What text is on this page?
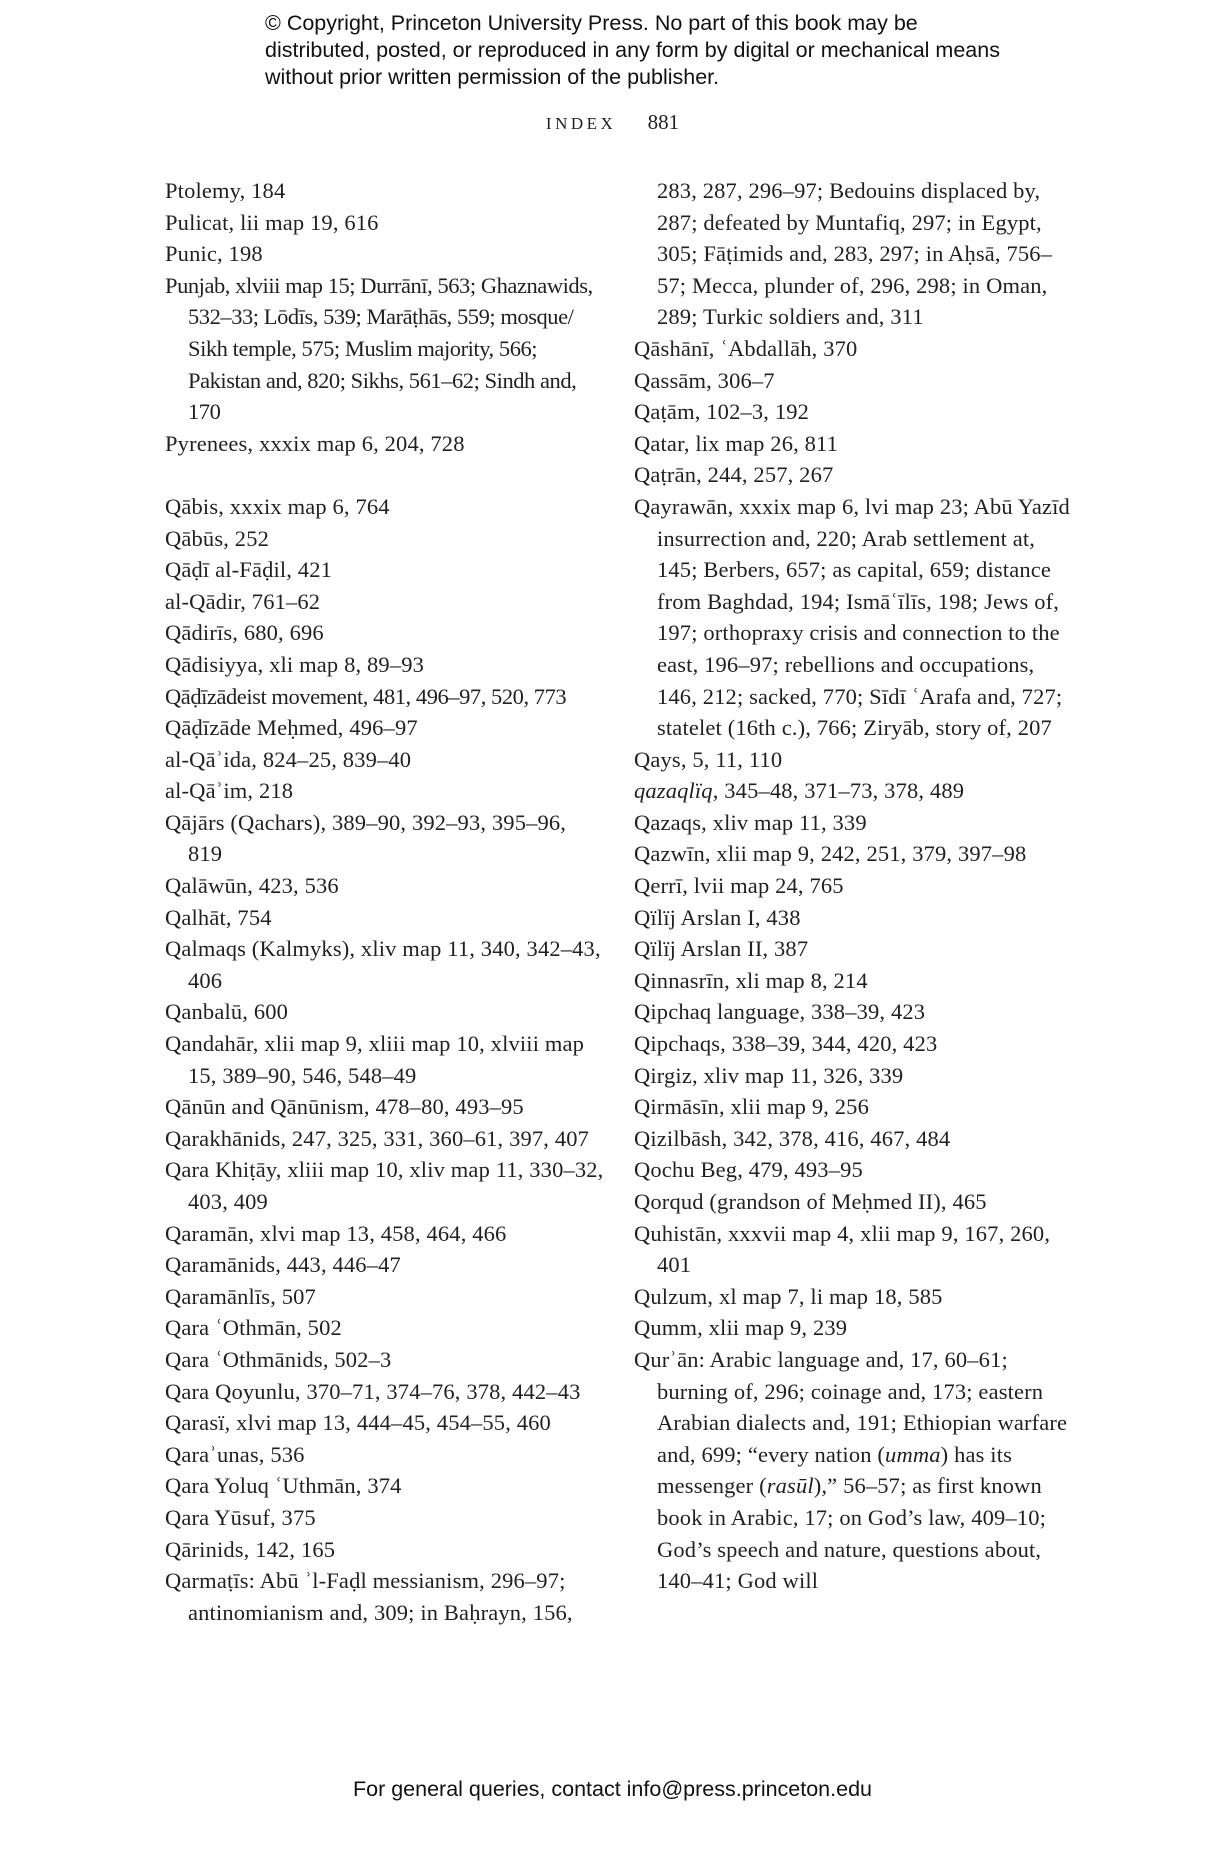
© Copyright, Princeton University Press. No part of this book may be distributed, posted, or reproduced in any form by digital or mechanical means without prior written permission of the publisher.
INDEX 881

Ptolemy, 184

Pulicat, lii map 19, 616

Punic, 198

Punjab, xlviii map 15; Durrānī, 563; Ghaznawids, 532–33; Lōdīs, 539; Marāṭhās, 559; mosque/ Sikh temple, 575; Muslim majority, 566; Pakistan and, 820; Sikhs, 561–62; Sindh and, 170

Pyrenees, xxxix map 6, 204, 728

Qābis, xxxix map 6, 764

Qābūs, 252

Qāḍī al-Fāḍil, 421

al-Qādir, 761–62

Qādirīs, 680, 696

Qādisiyya, xli map 8, 89–93

Qāḍīzādeist movement, 481, 496–97, 520, 773

Qāḍīzāde Meḥmed, 496–97

al-Qāʾida, 824–25, 839–40

al-Qāʾim, 218

Qājārs (Qachars), 389–90, 392–93, 395–96, 819

Qalāwūn, 423, 536

Qalhāt, 754

Qalmaqs (Kalmyks), xliv map 11, 340, 342–43, 406

Qanbalū, 600

Qandahār, xlii map 9, xliii map 10, xlviii map 15, 389–90, 546, 548–49

Qānūn and Qānūnism, 478–80, 493–95

Qarakhānids, 247, 325, 331, 360–61, 397, 407

Qara Khiṭāy, xliii map 10, xliv map 11, 330–32, 403, 409

Qaramān, xlvi map 13, 458, 464, 466

Qaramānids, 443, 446–47

Qaramānlīs, 507

Qara ʿOthmān, 502

Qara ʿOthmānids, 502–3

Qara Qoyunlu, 370–71, 374–76, 378, 442–43

Qarasï, xlvi map 13, 444–45, 454–55, 460

Qaraʾunas, 536

Qara Yoluq ʿUthmān, 374

Qara Yūsuf, 375

Qārinids, 142, 165

Qarmaṭīs: Abū ʾl-Faḍl messianism, 296–97; antinomianism and, 309; in Baḥrayn, 156,

283, 287, 296–97; Bedouins displaced by, 287; defeated by Muntafiq, 297; in Egypt, 305; Fāṭimids and, 283, 297; in Aḥsā, 756–57; Mecca, plunder of, 296, 298; in Oman, 289; Turkic soldiers and, 311

Qāshānī, ʿAbdallāh, 370

Qassām, 306–7

Qaṭām, 102–3, 192

Qatar, lix map 26, 811

Qaṭrān, 244, 257, 267

Qayrawān, xxxix map 6, lvi map 23; Abū Yazīd insurrection and, 220; Arab settlement at, 145; Berbers, 657; as capital, 659; distance from Baghdad, 194; Ismāʿīlīs, 198; Jews of, 197; orthopraxy crisis and connection to the east, 196–97; rebellions and occupations, 146, 212; sacked, 770; Sīdī ʿArafa and, 727; statelet (16th c.), 766; Ziryāb, story of, 207

Qays, 5, 11, 110

qazaqlïq, 345–48, 371–73, 378, 489

Qazaqs, xliv map 11, 339

Qazwīn, xlii map 9, 242, 251, 379, 397–98

Qerrī, lvii map 24, 765

Qïlïj Arslan I, 438

Qïlïj Arslan II, 387

Qinnasrīn, xli map 8, 214

Qipchaq language, 338–39, 423

Qipchaqs, 338–39, 344, 420, 423

Qirgiz, xliv map 11, 326, 339

Qirmāsīn, xlii map 9, 256

Qizilbāsh, 342, 378, 416, 467, 484

Qochu Beg, 479, 493–95

Qorqud (grandson of Meḥmed II), 465

Quhistān, xxxvii map 4, xlii map 9, 167, 260, 401

Qulzum, xl map 7, li map 18, 585

Qumm, xlii map 9, 239

Qurʾān: Arabic language and, 17, 60–61; burning of, 296; coinage and, 173; eastern Arabian dialects and, 191; Ethiopian warfare and, 699; “every nation (umma) has its messenger (rasūl),” 56–57; as first known book in Arabic, 17; on God’s law, 409–10; God’s speech and nature, questions about, 140–41; God will

For general queries, contact info@press.princeton.edu
